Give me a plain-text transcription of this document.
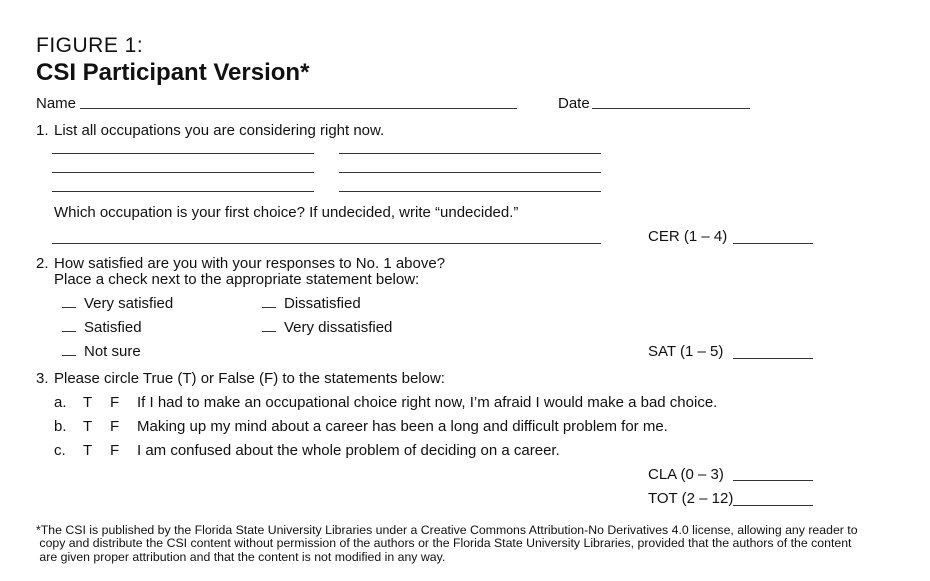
FIGURE 1:
CSI Participant Version*
Name	Date
1. List all occupations you are considering right now.
Which occupation is your first choice? If undecided, write “undecided.”
CER (1 – 4)
2. How satisfied are you with your responses to No. 1 above?
Place a check next to the appropriate statement below:
Very satisfied	Dissatisfied
Satisfied	Very dissatisfied
Not sure	SAT (1 – 5)
3. Please circle True (T) or False (F) to the statements below:
a. T F If I had to make an occupational choice right now, I’m afraid I would make a bad choice.
b. T F Making up my mind about a career has been a long and difficult problem for me.
c. T F I am confused about the whole problem of deciding on a career.
CLA (0 – 3)
TOT (2 – 12)
*The CSI is published by the Florida State University Libraries under a Creative Commons Attribution-No Derivatives 4.0 license, allowing any reader to
copy and distribute the CSI content without permission of the authors or the Florida State University Libraries, provided that the authors of the content
are given proper attribution and that the content is not modified in any way.
